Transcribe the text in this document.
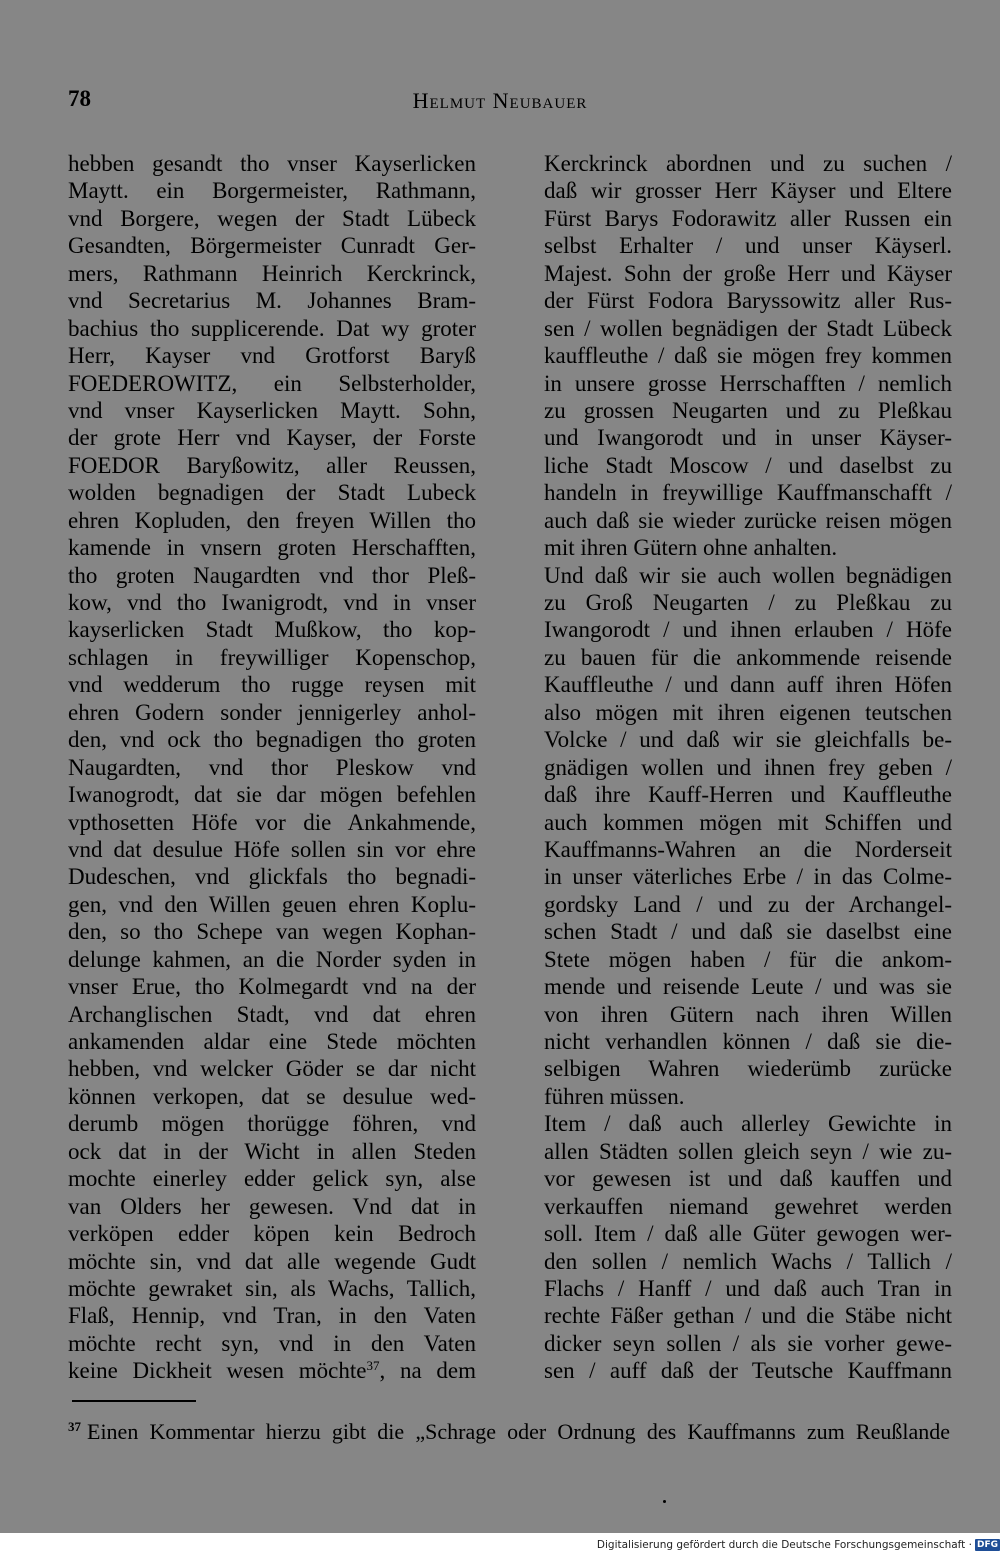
78	Helmut Neubauer
hebben gesandt tho vnser Kayserlicken
Maytt. ein Borgermeister, Rathmann,
vnd Borgere, wegen der Stadt Lübeck
Gesandten, Börgermeister Cunradt Ger-
mers, Rathmann Heinrich Kerckrinck,
vnd Secretarius M. Johannes Bram-
bachius tho supplicerende. Dat wy groter
Herr, Kayser vnd Grotforst Baryß
FOEDEROWITZ, ein Selbsterholder,
vnd vnser Kayserlicken Maytt. Sohn,
der grote Herr vnd Kayser, der Forste
FOEDOR Baryßowitz, aller Reussen,
wolden begnadigen der Stadt Lubeck
ehren Kopluden, den freyen Willen tho
kamende in vnsern groten Herschafften,
tho groten Naugardten vnd thor Pleß-
kow, vnd tho Iwanigrodt, vnd in vnser
kayserlicken Stadt Mußkow, tho kop-
schlagen in freywilliger Kopenschop,
vnd wedderum tho rugge reysen mit
ehren Godern sonder jennigerley anhol-
den, vnd ock tho begnadigen tho groten
Naugardten, vnd thor Pleskow vnd
Iwanogrodt, dat sie dar mögen befehlen
vpthosetten Höfe vor die Ankahmende,
vnd dat desulue Höfe sollen sin vor ehre
Dudeschen, vnd glickfals tho begnadi-
gen, vnd den Willen geuen ehren Koplu-
den, so tho Schepe van wegen Kophan-
delunge kahmen, an die Norder syden in
vnser Erue, tho Kolmegardt vnd na der
Archanglischen Stadt, vnd dat ehren
ankamenden aldar eine Stede möchten
hebben, vnd welcker Göder se dar nicht
können verkopen, dat se desulue wed-
derumb mögen thorügge föhren, vnd
ock dat in der Wicht in allen Steden
mochte einerley edder gelick syn, alse
van Olders her gewesen. Vnd dat in
verköpen edder köpen kein Bedroch
möchte sin, vnd dat alle wegende Gudt
möchte gewraket sin, als Wachs, Tallich,
Flaß, Hennip, vnd Tran, in den Vaten
möchte recht syn, vnd in den Vaten
keine Dickheit wesen möchte$^{37}$, na dem
Kerckrinck abordnen und zu suchen /
daß wir grosser Herr Käyser und Eltere
Fürst Barys Fodorawitz aller Russen ein
selbst Erhalter / und unser Käyserl.
Majest. Sohn der große Herr und Käyser
der Fürst Fodora Baryssowitz aller Rus-
sen / wollen begnädigen der Stadt Lübeck
kauffleuthe / daß sie mögen frey kommen
in unsere grosse Herrschafften / nemlich
zu grossen Neugarten und zu Pleßkau
und Iwangorodt und in unser Käyser-
liche Stadt Moscow / und daselbst zu
handeln in freywillige Kauffmanschafft /
auch daß sie wieder zurücke reisen mögen
mit ihren Gütern ohne anhalten.
Und daß wir sie auch wollen begnädigen
zu Groß Neugarten / zu Pleßkau zu
Iwangorodt / und ihnen erlauben / Höfe
zu bauen für die ankommende reisende
Kauffleuthe / und dann auff ihren Höfen
also mögen mit ihren eigenen teutschen
Volcke / und daß wir sie gleichfalls be-
gnädigen wollen und ihnen frey geben /
daß ihre Kauff-Herren und Kauffleuthe
auch kommen mögen mit Schiffen und
Kauffmanns-Wahren an die Norderseit
in unser väterliches Erbe / in das Colme-
gordsky Land / und zu der Archangel-
schen Stadt / und daß sie daselbst eine
Stete mögen haben / für die ankom-
mende und reisende Leute / und was sie
von ihren Gütern nach ihren Willen
nicht verhandlen können / daß sie die-
selbigen Wahren wiederümb zurücke
führen müssen.
Item / daß auch allerley Gewichte in
allen Städten sollen gleich seyn / wie zu-
vor gewesen ist und daß kauffen und
verkauffen niemand gewehret werden
soll. Item / daß alle Güter gewogen wer-
den sollen / nemlich Wachs / Tallich /
Flachs / Hanff / und daß auch Tran in
rechte Fäßer gethan / und die Stäbe nicht
dicker seyn sollen / als sie vorher gewe-
sen / auff daß der Teutsche Kauffmann
$^{37}$ Einen Kommentar hierzu gibt die „Schrage oder Ordnung des Kauffmanns zum Reußlande
Digitalisierung gefördert durch die Deutsche Forschungsgemeinschaft · DFG
